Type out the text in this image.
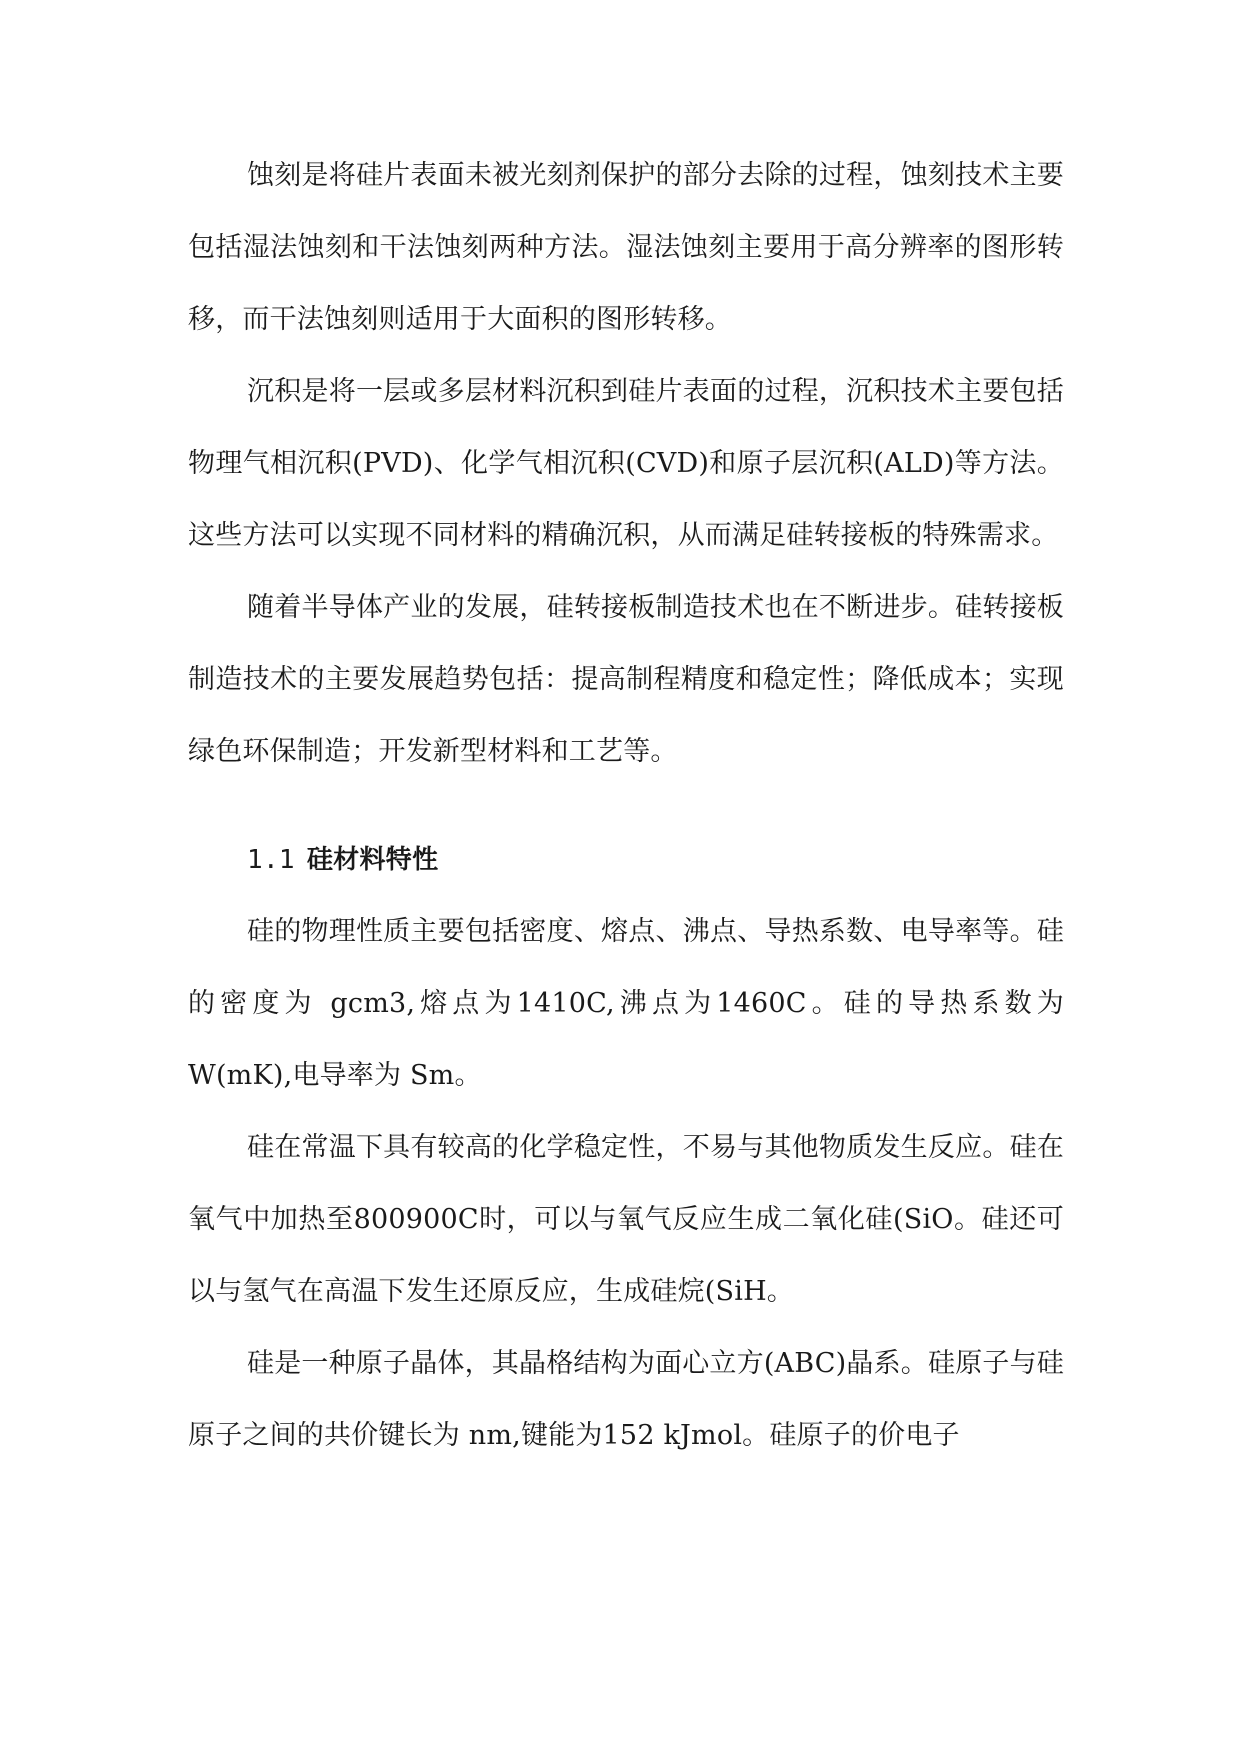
蚀刻是将硅片表面未被光刻剂保护的部分去除的过程，蚀刻技术主要包括湿法蚀刻和干法蚀刻两种方法。湿法蚀刻主要用于高分辨率的图形转移，而干法蚀刻则适用于大面积的图形转移。

沉积是将一层或多层材料沉积到硅片表面的过程，沉积技术主要包括物理气相沉积(PVD)、化学气相沉积(CVD)和原子层沉积(ALD)等方法。这些方法可以实现不同材料的精确沉积，从而满足硅转接板的特殊需求。

随着半导体产业的发展，硅转接板制造技术也在不断进步。硅转接板制造技术的主要发展趋势包括：提高制程精度和稳定性；降低成本；实现绿色环保制造；开发新型材料和工艺等。

1.1 硅材料特性

硅的物理性质主要包括密度、熔点、沸点、导热系数、电导率等。硅的密度为 gcm3,熔点为1410C,沸点为1460C。硅的导热系数为W(mK),电导率为 Sm。

硅在常温下具有较高的化学稳定性，不易与其他物质发生反应。硅在氧气中加热至800900C时，可以与氧气反应生成二氧化硅(SiO。硅还可以与氢气在高温下发生还原反应，生成硅烷(SiH。

硅是一种原子晶体，其晶格结构为面心立方(ABC)晶系。硅原子与硅原子之间的共价键长为 nm,键能为152 kJmol。硅原子的价电子
